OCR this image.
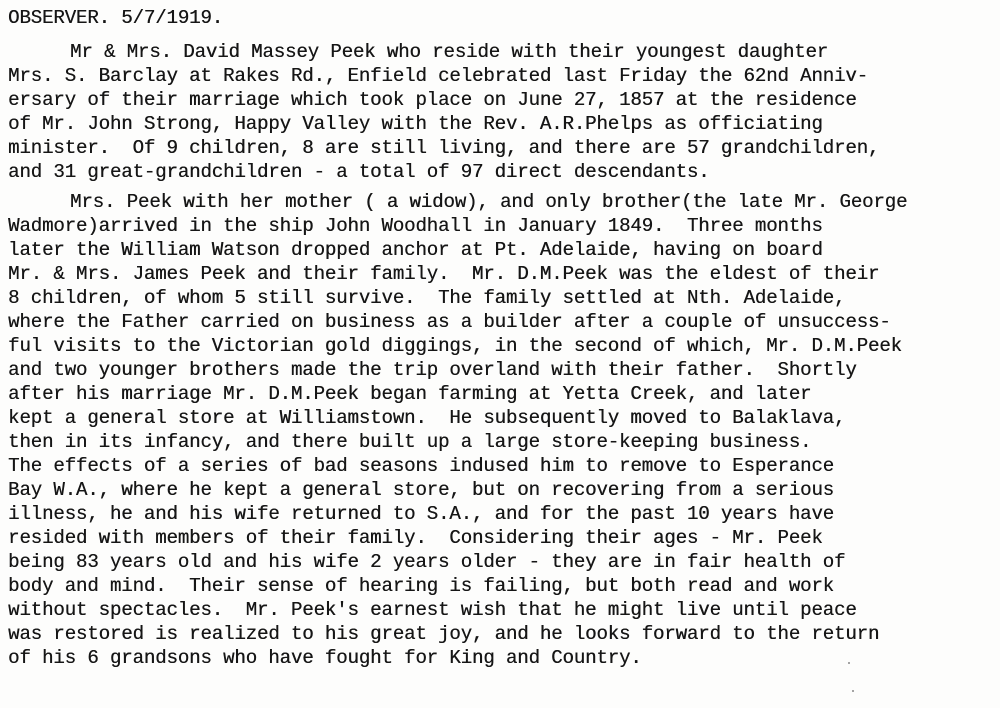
OBSERVER. 5/7/1919.
Mr & Mrs. David Massey Peek who reside with their youngest daughter
Mrs. S. Barclay at Rakes Rd., Enfield celebrated last Friday the 62nd Anniv-
ersary of their marriage which took place on June 27, 1857 at the residence
of Mr. John Strong, Happy Valley with the Rev. A.R.Phelps as officiating
minister.  Of 9 children, 8 are still living, and there are 57 grandchildren,
and 31 great-grandchildren - a total of 97 direct descendants.
Mrs. Peek with her mother ( a widow), and only brother(the late Mr. George
Wadmore)arrived in the ship John Woodhall in January 1849.  Three months
later the William Watson dropped anchor at Pt. Adelaide, having on board
Mr. & Mrs. James Peek and their family.  Mr. D.M.Peek was the eldest of their
8 children, of whom 5 still survive.  The family settled at Nth. Adelaide,
where the Father carried on business as a builder after a couple of unsuccess-
ful visits to the Victorian gold diggings, in the second of which, Mr. D.M.Peek
and two younger brothers made the trip overland with their father.  Shortly
after his marriage Mr. D.M.Peek began farming at Yetta Creek, and later
kept a general store at Williamstown.  He subsequently moved to Balaklava,
then in its infancy, and there built up a large store-keeping business.
The effects of a series of bad seasons indused him to remove to Esperance
Bay W.A., where he kept a general store, but on recovering from a serious
illness, he and his wife returned to S.A., and for the past 10 years have
resided with members of their family.  Considering their ages - Mr. Peek
being 83 years old and his wife 2 years older - they are in fair health of
body and mind.  Their sense of hearing is failing, but both read and work
without spectacles.  Mr. Peek's earnest wish that he might live until peace
was restored is realized to his great joy, and he looks forward to the return
of his 6 grandsons who have fought for King and Country.
